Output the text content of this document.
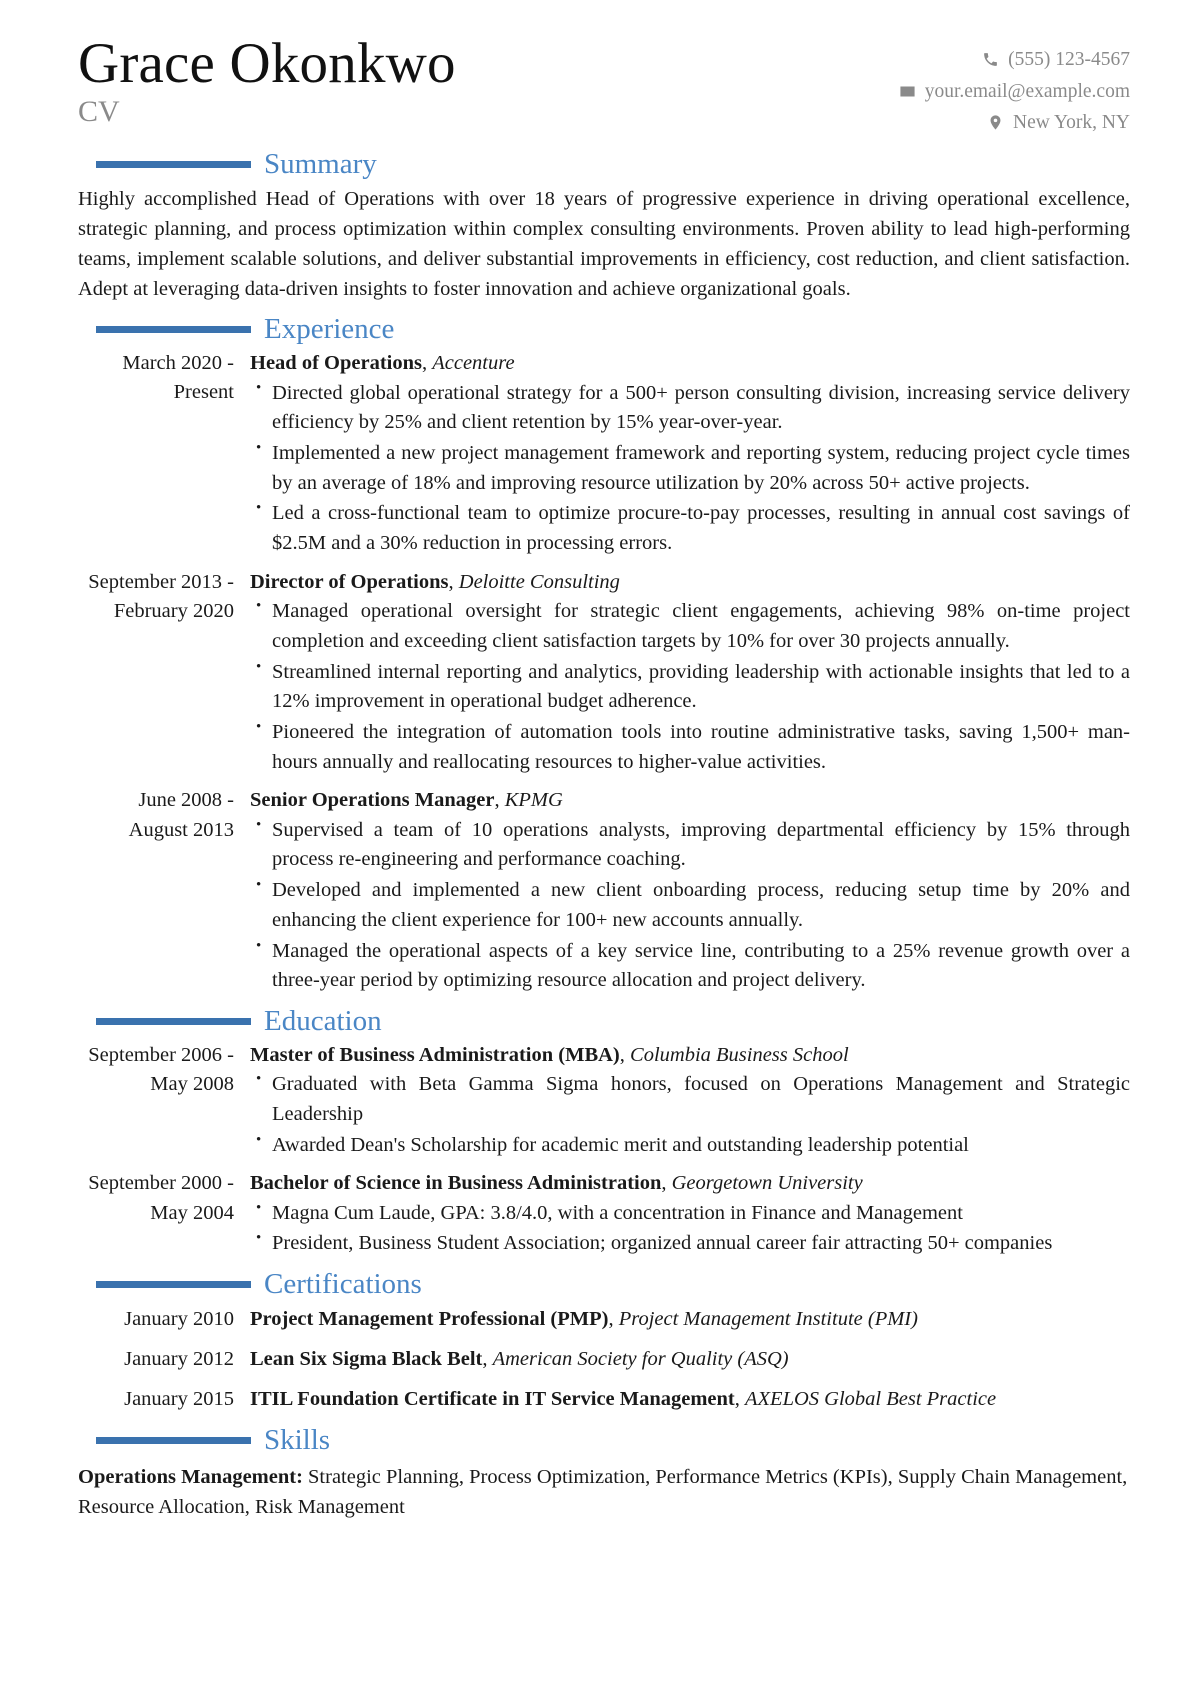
Grace Okonkwo
CV
(555) 123-4567
your.email@example.com
New York, NY
Summary

Highly accomplished Head of Operations with over 18 years of progressive experience in driving operational excellence, strategic planning, and process optimization within complex consulting environments. Proven ability to lead high-performing teams, implement scalable solutions, and deliver substantial improvements in efficiency, cost reduction, and client satisfaction. Adept at leveraging data-driven insights to foster innovation and achieve organizational goals.

Experience
March 2020 - Present
Head of Operations, Accenture
• Directed global operational strategy for a 500+ person consulting division, increasing service delivery efficiency by 25% and client retention by 15% year-over-year.
• Implemented a new project management framework and reporting system, reducing project cycle times by an average of 18% and improving resource utilization by 20% across 50+ active projects.
• Led a cross-functional team to optimize procure-to-pay processes, resulting in annual cost savings of $2.5M and a 30% reduction in processing errors.
September 2013 - February 2020
Director of Operations, Deloitte Consulting
• Managed operational oversight for strategic client engagements, achieving 98% on-time project completion and exceeding client satisfaction targets by 10% for over 30 projects annually.
• Streamlined internal reporting and analytics, providing leadership with actionable insights that led to a 12% improvement in operational budget adherence.
• Pioneered the integration of automation tools into routine administrative tasks, saving 1,500+ man-hours annually and reallocating resources to higher-value activities.
June 2008 - August 2013
Senior Operations Manager, KPMG
• Supervised a team of 10 operations analysts, improving departmental efficiency by 15% through process re-engineering and performance coaching.
• Developed and implemented a new client onboarding process, reducing setup time by 20% and enhancing the client experience for 100+ new accounts annually.
• Managed the operational aspects of a key service line, contributing to a 25% revenue growth over a three-year period by optimizing resource allocation and project delivery.
Education
September 2006 - May 2008
Master of Business Administration (MBA), Columbia Business School
• Graduated with Beta Gamma Sigma honors, focused on Operations Management and Strategic Leadership
• Awarded Dean's Scholarship for academic merit and outstanding leadership potential
September 2000 - May 2004
Bachelor of Science in Business Administration, Georgetown University
• Magna Cum Laude, GPA: 3.8/4.0, with a concentration in Finance and Management
• President, Business Student Association; organized annual career fair attracting 50+ companies
Certifications
January 2010 Project Management Professional (PMP), Project Management Institute (PMI)
January 2012 Lean Six Sigma Black Belt, American Society for Quality (ASQ)
January 2015 ITIL Foundation Certificate in IT Service Management, AXELOS Global Best Practice
Skills
Operations Management: Strategic Planning, Process Optimization, Performance Metrics (KPIs), Supply Chain Management, Resource Allocation, Risk Management
